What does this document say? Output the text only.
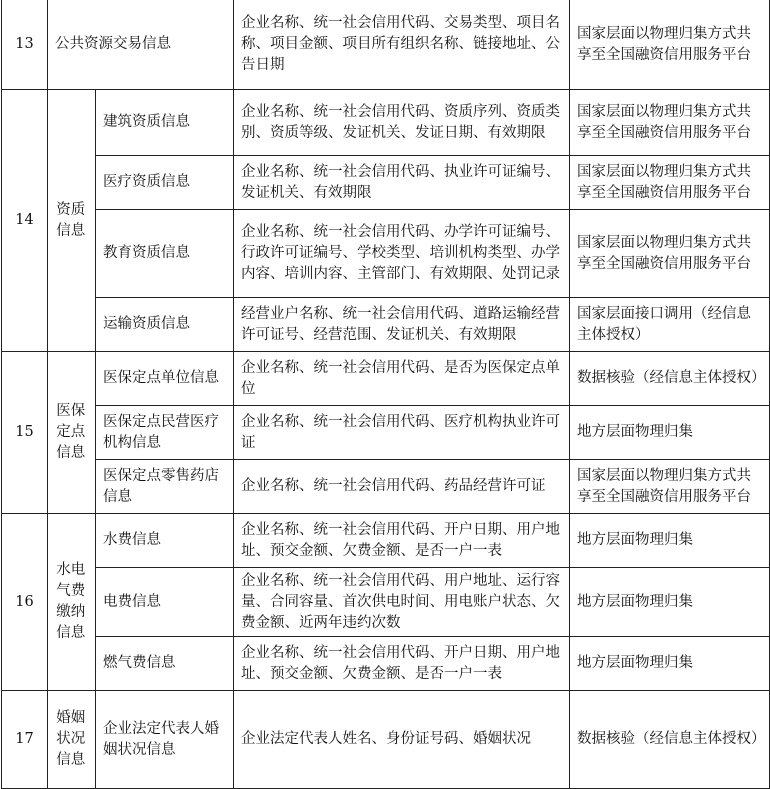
13	公共资源交易信息		企业名称、统一社会信用代码、交易类型、项目名称、项目金额、项目所有组织名称、链接地址、公告日期	国家层面以物理归集方式共享至全国融资信用服务平台
14	资质信息	建筑资质信息	企业名称、统一社会信用代码、资质序列、资质类别、资质等级、发证机关、发证日期、有效期限	国家层面以物理归集方式共享至全国融资信用服务平台
		医疗资质信息	企业名称、统一社会信用代码、执业许可证编号、发证机关、有效期限	国家层面以物理归集方式共享至全国融资信用服务平台
		教育资质信息	企业名称、统一社会信用代码、办学许可证编号、行政许可证编号、学校类型、培训机构类型、办学内容、培训内容、主管部门、有效期限、处罚记录	国家层面以物理归集方式共享至全国融资信用服务平台
		运输资质信息	经营业户名称、统一社会信用代码、道路运输经营许可证号、经营范围、发证机关、有效期限	国家层面接口调用（经信息主体授权）
15	医保定点信息	医保定点单位信息	企业名称、统一社会信用代码、是否为医保定点单位	数据核验（经信息主体授权）
		医保定点民营医疗机构信息	企业名称、统一社会信用代码、医疗机构执业许可证	地方层面物理归集
		医保定点零售药店信息	企业名称、统一社会信用代码、药品经营许可证	国家层面以物理归集方式共享至全国融资信用服务平台
16	水电气费缴纳信息	水费信息	企业名称、统一社会信用代码、开户日期、用户地址、预交金额、欠费金额、是否一户一表	地方层面物理归集
		电费信息	企业名称、统一社会信用代码、用户地址、运行容量、合同容量、首次供电时间、用电账户状态、欠费金额、近两年违约次数	地方层面物理归集
		燃气费信息	企业名称、统一社会信用代码、开户日期、用户地址、预交金额、欠费金额、是否一户一表	地方层面物理归集
17	婚姻状况信息	企业法定代表人婚姻状况信息	企业法定代表人姓名、身份证号码、婚姻状况	数据核验（经信息主体授权）
